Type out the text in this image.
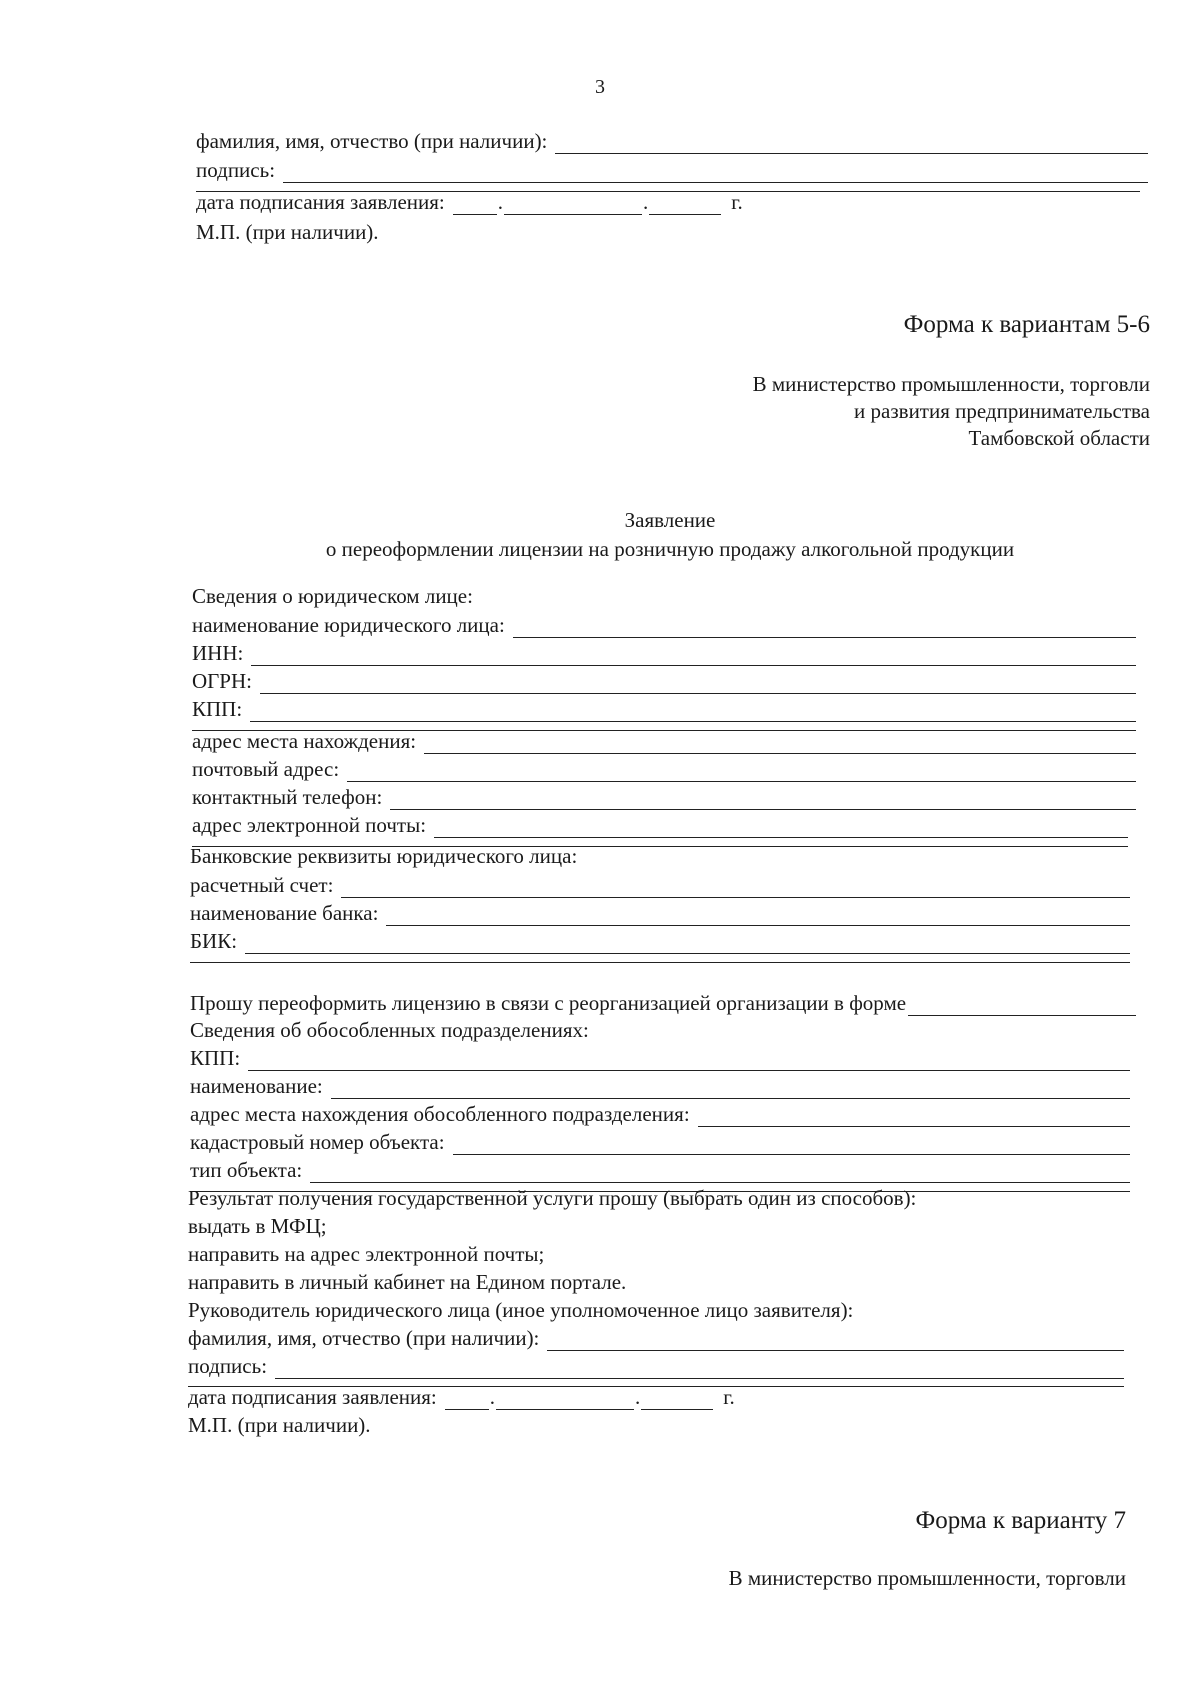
3
фамилия, имя, отчество (при наличии):
подпись:
дата подписания заявления:	.	.	г.
М.П. (при наличии).
Форма к вариантам 5-6
В министерство промышленности, торговли
и развития предпринимательства
Тамбовской области
Заявление
о переоформлении лицензии на розничную продажу алкогольной продукции
Сведения о юридическом лице:
наименование юридического лица:
ИНН:
ОГРН:
КПП:
адрес места нахождения:
почтовый адрес:
контактный телефон:
адрес электронной почты:
Банковские реквизиты юридического лица:
расчетный счет:
наименование банка:
БИК:
Прошу переоформить лицензию в связи с реорганизацией организации в форме
Сведения об обособленных подразделениях:
КПП:
наименование:
адрес места нахождения обособленного подразделения:
кадастровый номер объекта:
тип объекта:
Результат получения государственной услуги прошу (выбрать один из способов):
выдать в МФЦ;
направить на адрес электронной почты;
направить в личный кабинет на Едином портале.
Руководитель юридического лица (иное уполномоченное лицо заявителя):
фамилия, имя, отчество (при наличии):
подпись:
дата подписания заявления:	.	.	г.
М.П. (при наличии).
Форма к варианту 7
В министерство промышленности, торговли
